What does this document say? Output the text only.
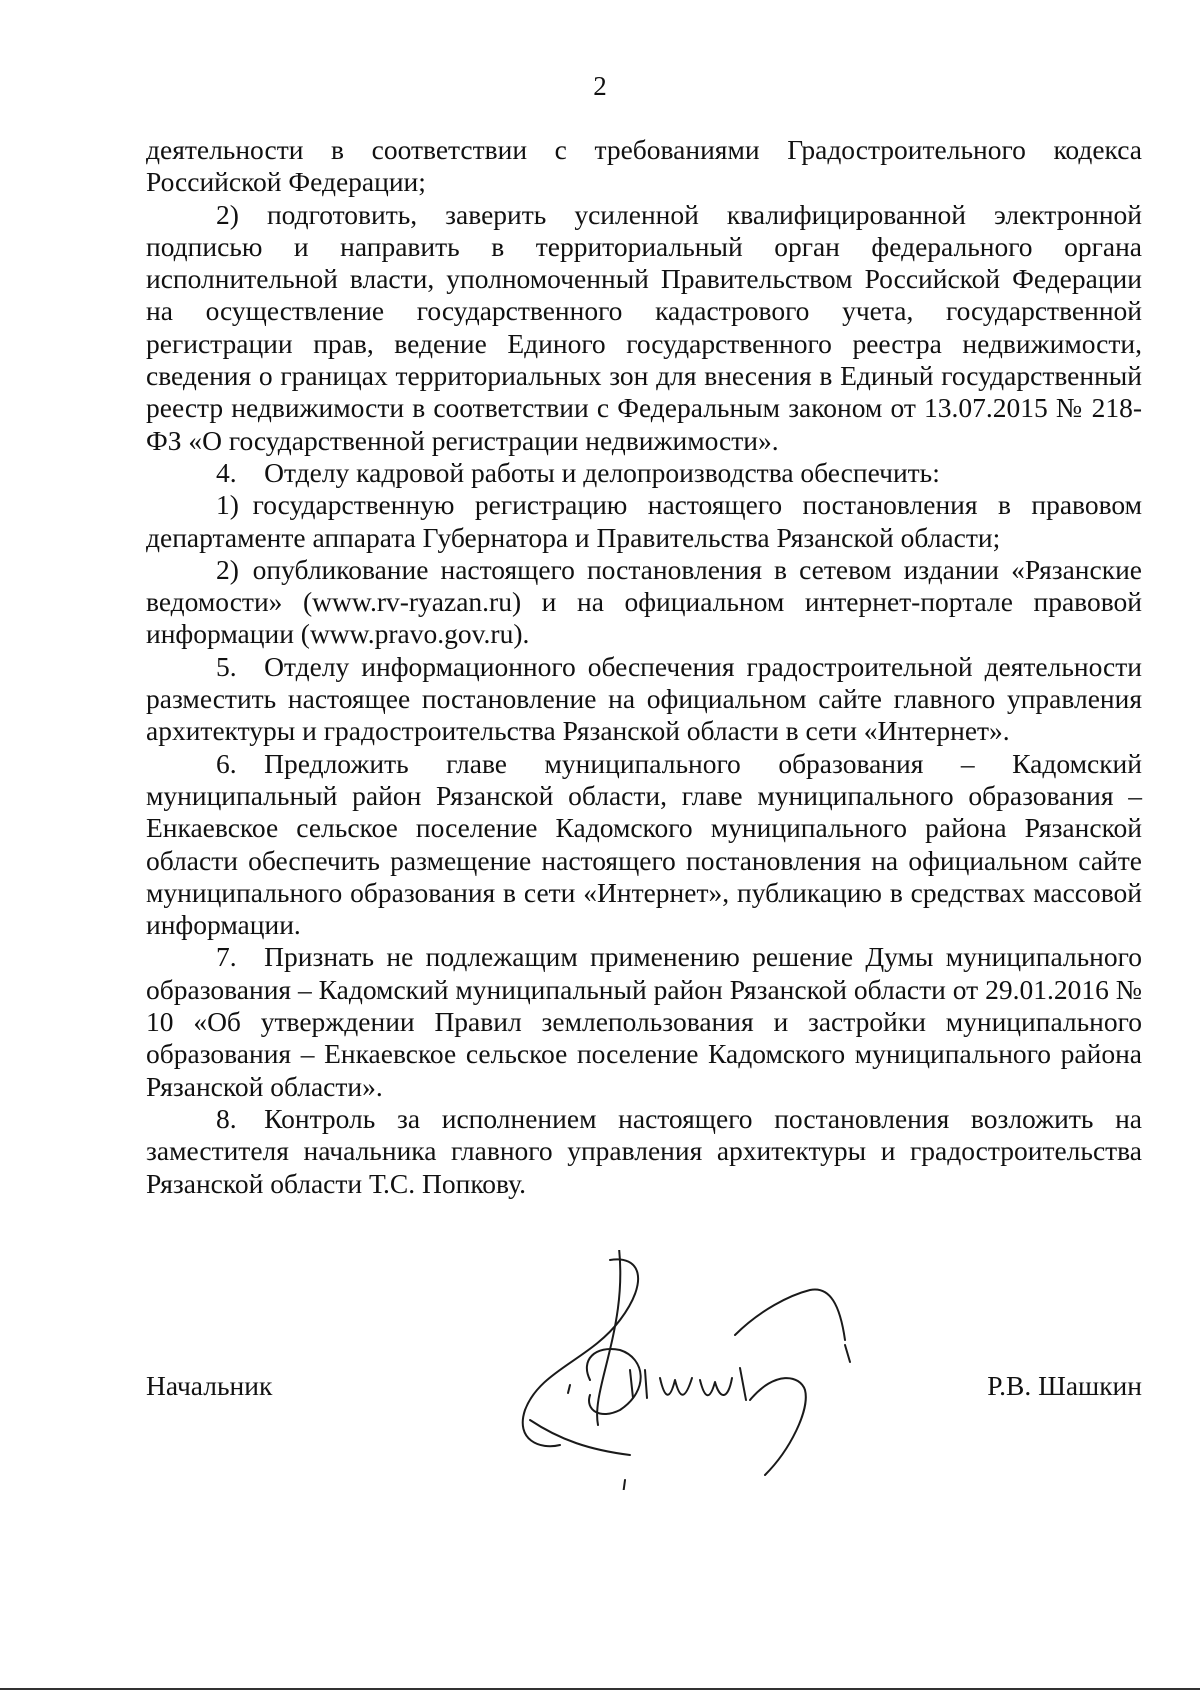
2

деятельности в соответствии с требованиями Градостроительного кодекса Российской Федерации;

2) подготовить, заверить усиленной квалифицированной электронной подписью и направить в территориальный орган федерального органа исполнительной власти, уполномоченный Правительством Российской Федерации на осуществление государственного кадастрового учета, государственной регистрации прав, ведение Единого государственного реестра недвижимости, сведения о границах территориальных зон для внесения в Единый государственный реестр недвижимости в соответствии с Федеральным законом от 13.07.2015 № 218-ФЗ «О государственной регистрации недвижимости».

4. Отделу кадровой работы и делопроизводства обеспечить:

1) государственную регистрацию настоящего постановления в правовом департаменте аппарата Губернатора и Правительства Рязанской области;

2) опубликование настоящего постановления в сетевом издании «Рязанские ведомости» (www.rv-ryazan.ru) и на официальном интернет-портале правовой информации (www.pravo.gov.ru).

5. Отделу информационного обеспечения градостроительной деятельности разместить настоящее постановление на официальном сайте главного управления архитектуры и градостроительства Рязанской области в сети «Интернет».

6. Предложить главе муниципального образования – Кадомский муниципальный район Рязанской области, главе муниципального образования – Енкаевское сельское поселение Кадомского муниципального района Рязанской области обеспечить размещение настоящего постановления на официальном сайте муниципального образования в сети «Интернет», публикацию в средствах массовой информации.

7. Признать не подлежащим применению решение Думы муниципального образования – Кадомский муниципальный район Рязанской области от 29.01.2016 № 10 «Об утверждении Правил землепользования и застройки муниципального образования – Енкаевское сельское поселение Кадомского муниципального района Рязанской области».

8. Контроль за исполнением настоящего постановления возложить на заместителя начальника главного управления архитектуры и градостроительства Рязанской области Т.С. Попкову.

Начальник	Р.В. Шашкин
